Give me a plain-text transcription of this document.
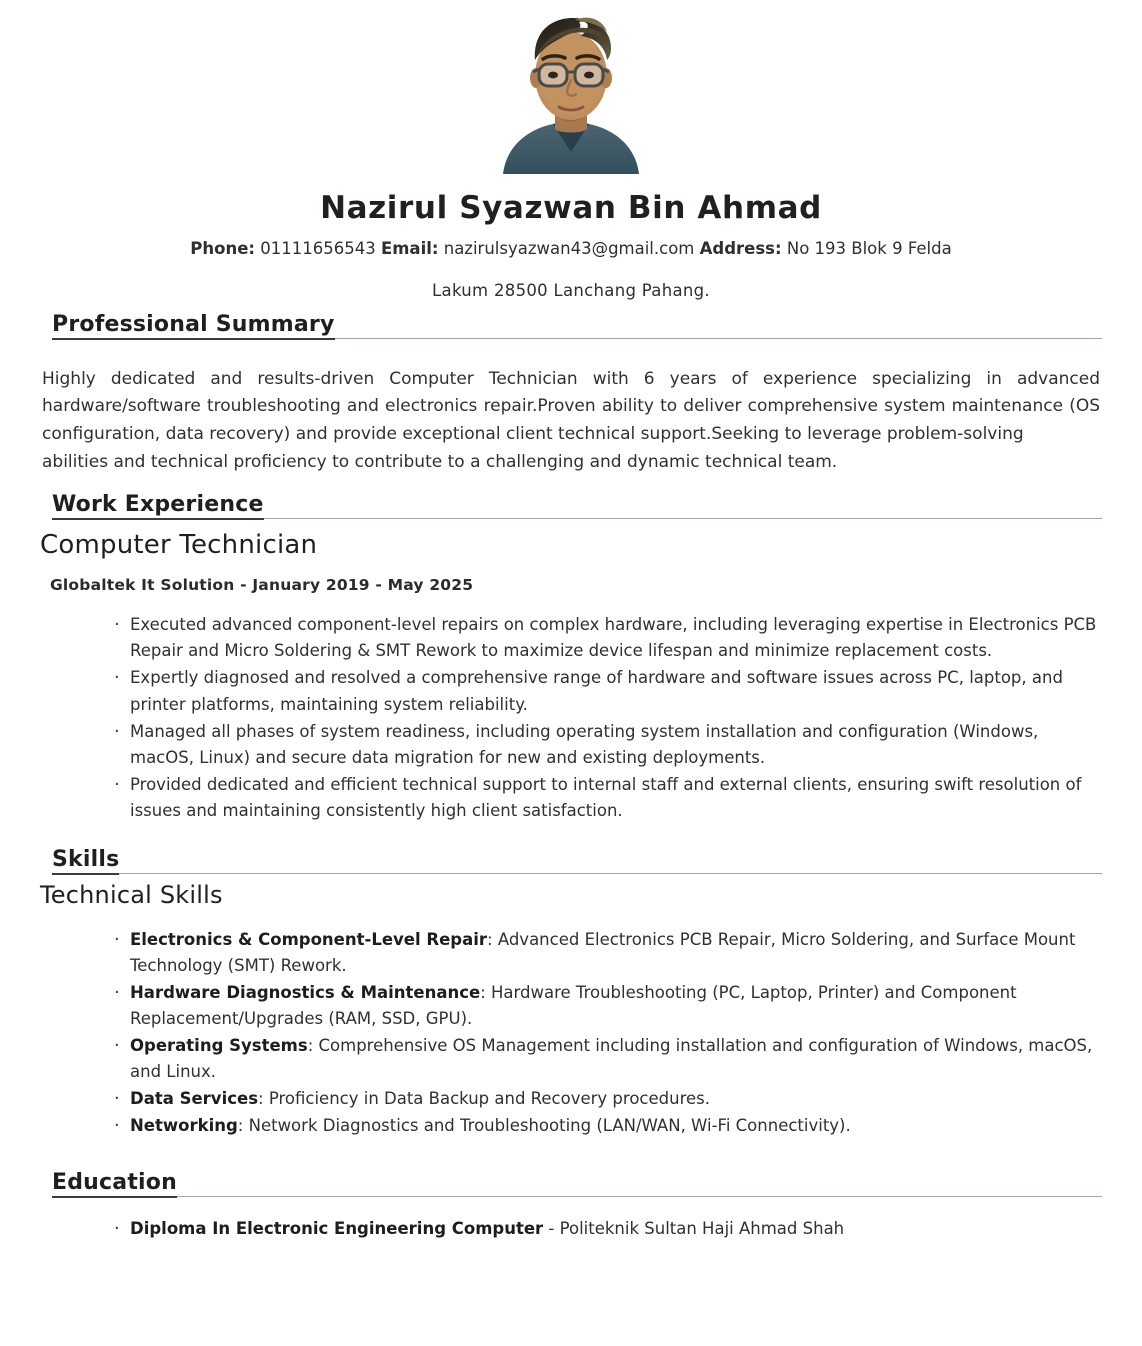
Nazirul Syazwan Bin Ahmad
Phone: 01111656543 Email: nazirulsyazwan43@gmail.com Address: No 193 Blok 9 Felda
Lakum 28500 Lanchang Pahang.
Professional Summary
Highly dedicated and results-driven Computer Technician with 6 years of experience specializing in advanced hardware/software troubleshooting and electronics repair.Proven ability to deliver comprehensive system maintenance (OS configuration, data recovery) and provide exceptional client technical support.Seeking to leverage problem-solving
abilities and technical proficiency to contribute to a challenging and dynamic technical team.
Work Experience
Computer Technician
Globaltek It Solution - January 2019 - May 2025
· Executed advanced component-level repairs on complex hardware, including leveraging expertise in Electronics PCB Repair and Micro Soldering & SMT Rework to maximize device lifespan and minimize replacement costs.
· Expertly diagnosed and resolved a comprehensive range of hardware and software issues across PC, laptop, and printer platforms, maintaining system reliability.
· Managed all phases of system readiness, including operating system installation and configuration (Windows, macOS, Linux) and secure data migration for new and existing deployments.
· Provided dedicated and efficient technical support to internal staff and external clients, ensuring swift resolution of issues and maintaining consistently high client satisfaction.
Skills
Technical Skills
· Electronics & Component-Level Repair: Advanced Electronics PCB Repair, Micro Soldering, and Surface Mount Technology (SMT) Rework.
· Hardware Diagnostics & Maintenance: Hardware Troubleshooting (PC, Laptop, Printer) and Component Replacement/Upgrades (RAM, SSD, GPU).
· Operating Systems: Comprehensive OS Management including installation and configuration of Windows, macOS, and Linux.
· Data Services: Proficiency in Data Backup and Recovery procedures.
· Networking: Network Diagnostics and Troubleshooting (LAN/WAN, Wi-Fi Connectivity).
Education
· Diploma In Electronic Engineering Computer - Politeknik Sultan Haji Ahmad Shah
